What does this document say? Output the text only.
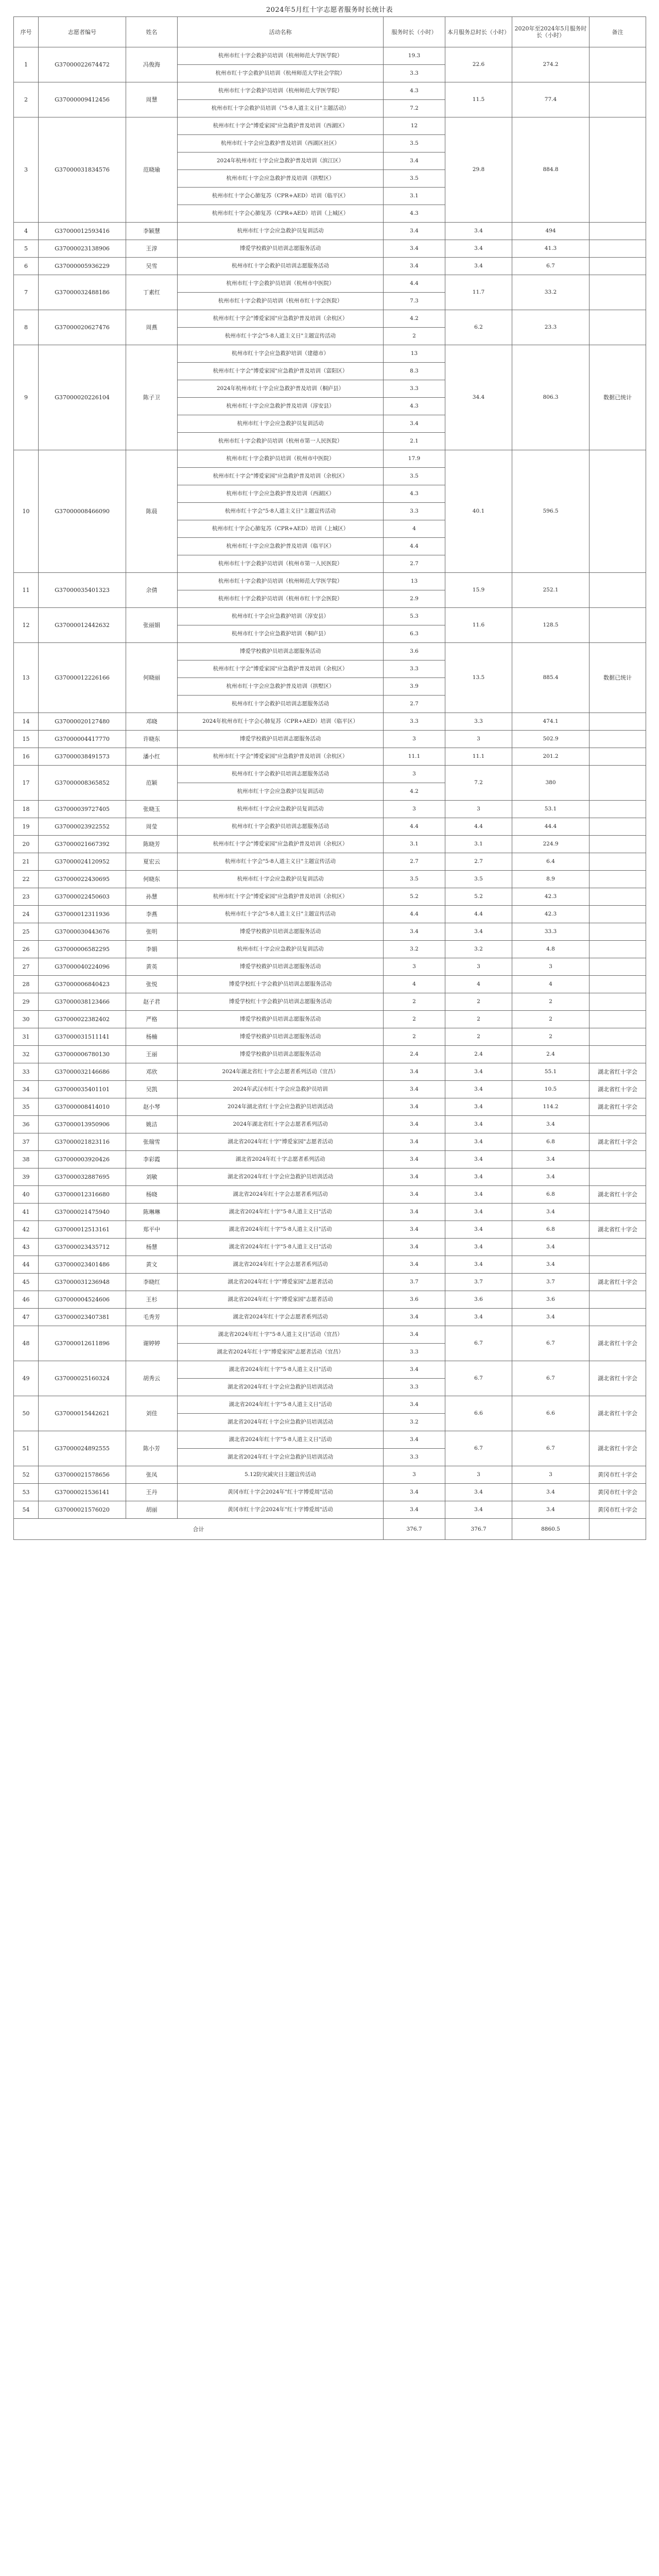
2024年5月红十字志愿者服务时长统计表
序号	志愿者编号	姓名	活动名称	服务时长（小时）	本月服务总时长（小时）	2020年至2024年5月服务时长（小时）	备注
1	G37000022674472	冯俊海	杭州市红十字会救护员培训（杭州师范大学医学院）	19.3	22.6	274.2	
			杭州市红十字会救护员培训（杭州师范大学社会学院）	3.3			
2	G37000009412456	周慧	杭州市红十字会救护员培训（杭州师范大学医学院）	4.3	11.5	77.4	
			杭州市红十字会救护员培训（"5·8人道主义日"主题活动）	7.2			
3	G37000031834576	范晓瑜	杭州市红十字会"博爱家园"应急救护普及培训（西湖区）	12	29.8	884.8	
			杭州市红十字会应急救护普及培训（西湖区社区）	3.5			
			2024年杭州市红十字会应急救护普及培训（滨江区）	3.4			
			杭州市红十字会应急救护普及培训（拱墅区）	3.5			
			杭州市红十字会心肺复苏（CPR+AED）培训（临平区）	3.1			
			杭州市红十字会心肺复苏（CPR+AED）培训（上城区）	4.3			
4	G37000012593416	李颖慧	杭州市红十字会应急救护员复训活动	3.4	3.4	494	
5	G37000023138906	王淳	博爱学校救护员培训志愿服务活动	3.4	3.4	41.3	
6	G37000005936229	吴雪	杭州市红十字会救护员培训志愿服务活动	3.4	3.4	6.7	
7	G37000032488186	丁素红	杭州市红十字会救护员培训（杭州市中医院）	4.4	11.7	33.2	
			杭州市红十字会救护员培训（杭州市红十字会医院）	7.3			
8	G37000020627476	周燕	杭州市红十字会"博爱家园"应急救护普及培训（余杭区）	4.2	6.2	23.3	
			杭州市红十字会"5·8人道主义日"主题宣传活动	2			
9	G37000020226104	陈子卫	杭州市红十字会应急救护培训（建德市）	13	34.4	806.3	数据已统计
			杭州市红十字会"博爱家园"应急救护普及培训（富阳区）	8.3			
			2024年杭州市红十字会应急救护普及培训（桐庐县）	3.3			
			杭州市红十字会应急救护普及培训（淳安县）	4.3			
			杭州市红十字会应急救护员复训活动	3.4			
			杭州市红十字会救护员培训（杭州市第一人民医院）	2.1			
10	G37000008466090	陈晨	杭州市红十字会救护员培训（杭州市中医院）	17.9	40.1	596.5	
			杭州市红十字会"博爱家园"应急救护普及培训（余杭区）	3.5			
			杭州市红十字会应急救护普及培训（西湖区）	4.3			
			杭州市红十字会"5·8人道主义日"主题宣传活动	3.3			
			杭州市红十字会心肺复苏（CPR+AED）培训（上城区）	4			
			杭州市红十字会应急救护普及培训（临平区）	4.4			
			杭州市红十字会救护员培训（杭州市第一人民医院）	2.7			
11	G37000035401323	余倩	杭州市红十字会救护员培训（杭州师范大学医学院）	13	15.9	252.1	
			杭州市红十字会救护员培训（杭州市红十字会医院）	2.9			
12	G37000012442632	张丽娟	杭州市红十字会应急救护培训（淳安县）	5.3	11.6	128.5	
			杭州市红十字会应急救护培训（桐庐县）	6.3			
13	G37000012226166	何晓丽	博爱学校救护员培训志愿服务活动	3.6	13.5	885.4	数据已统计
			杭州市红十字会"博爱家园"应急救护普及培训（余杭区）	3.3			
			杭州市红十字会应急救护普及培训（拱墅区）	3.9			
			杭州市红十字会救护员培训志愿服务活动	2.7			
14	G37000020127480	邓晓	2024年杭州市红十字会心肺复苏（CPR+AED）培训（临平区）	3.3	3.3	474.1	
15	G37000004417770	许晓东	博爱学校救护员培训志愿服务活动	3	3	502.9	
16	G37000038491573	潘小红	杭州市红十字会"博爱家园"应急救护普及培训（余杭区）	11.1	11.1	201.2	
17	G37000008365852	范颖	杭州市红十字会救护员培训志愿服务活动	3	7.2	380	
			杭州市红十字会应急救护员复训活动	4.2			
18	G37000039727405	张晓玉	杭州市红十字会应急救护员复训活动	3	3	53.1	
19	G37000023922552	周莹	杭州市红十字会救护员培训志愿服务活动	4.4	4.4	44.4	
20	G37000021667392	陈晓芳	杭州市红十字会"博爱家园"应急救护普及培训（余杭区）	3.1	3.1	224.9	
21	G37000024120952	夏宏云	杭州市红十字会"5·8人道主义日"主题宣传活动	2.7	2.7	6.4	
22	G37000022430695	何晓东	杭州市红十字会应急救护员复训活动	3.5	3.5	8.9	
23	G37000022450603	孙慧	杭州市红十字会"博爱家园"应急救护普及培训（余杭区）	5.2	5.2	42.3	
24	G37000012311936	李燕	杭州市红十字会"5·8人道主义日"主题宣传活动	4.4	4.4	42.3	
25	G37000030443676	张明	博爱学校救护员培训志愿服务活动	3.4	3.4	33.3	
26	G37000006582295	李娟	杭州市红十字会应急救护员复训活动	3.2	3.2	4.8	
27	G37000040224096	黄英	博爱学校救护员培训志愿服务活动	3	3	3	
28	G37000006840423	张悦	博爱学校红十字会救护员培训志愿服务活动	4	4	4	
29	G37000038123466	赵子君	博爱学校红十字会救护员培训志愿服务活动	2	2	2	
30	G37000022382402	严格	博爱学校救护员培训志愿服务活动	2	2	2	
31	G37000031511141	杨楠	博爱学校救护员培训志愿服务活动	2	2	2	
32	G37000006780130	王丽	博爱学校救护员培训志愿服务活动	2.4	2.4	2.4	
33	G37000032146686	邓欣	2024年湖北省红十字会志愿者系列活动（宜昌）	3.4	3.4	55.1	湖北省红十字会
34	G37000035401101	吴凯	2024年武汉市红十字会应急救护员培训	3.4	3.4	10.5	湖北省红十字会
35	G37000008414010	赵小琴	2024年湖北省红十字会应急救护员培训活动	3.4	3.4	114.2	湖北省红十字会
36	G37000013950906	姚洁	2024年湖北省红十字会志愿者系列活动	3.4	3.4	3.4	
37	G37000021823116	张瑞雪	湖北省2024年红十字"博爱家园"志愿者活动	3.4	3.4	6.8	湖北省红十字会
38	G37000003920426	李彩霞	湖北省2024年红十字志愿者系列活动	3.4	3.4	3.4	
39	G37000032887695	刘敏	湖北省2024年红十字会应急救护员培训活动	3.4	3.4	3.4	
40	G37000012316680	杨晓	湖北省2024年红十字会志愿者系列活动	3.4	3.4	6.8	湖北省红十字会
41	G37000021475940	陈琳琳	湖北省2024年红十字"5·8人道主义日"活动	3.4	3.4	3.4	
42	G37000012513161	郑平中	湖北省2024年红十字"5·8人道主义日"活动	3.4	3.4	6.8	湖北省红十字会
43	G37000023435712	杨慧	湖北省2024年红十字"5·8人道主义日"活动	3.4	3.4	3.4	
44	G37000023401486	黄文	湖北省2024年红十字会志愿者系列活动	3.4	3.4	3.4	
45	G37000031236948	李晓红	湖北省2024年红十字"博爱家园"志愿者活动	3.7	3.7	3.7	湖北省红十字会
46	G37000004524606	王杉	湖北省2024年红十字"博爱家园"志愿者活动	3.6	3.6	3.6	
47	G37000023407381	毛秀芳	湖北省2024年红十字会志愿者系列活动	3.4	3.4	3.4	
48	G37000012611896	谢婷婷	湖北省2024年红十字"5·8人道主义日"活动（宜昌）	3.4	6.7	6.7	湖北省红十字会
			湖北省2024年红十字"博爱家园"志愿者活动（宜昌）	3.3			
49	G37000025160324	胡秀云	湖北省2024年红十字"5·8人道主义日"活动	3.4	6.7	6.7	湖北省红十字会
			湖北省2024年红十字会应急救护员培训活动	3.3			
50	G37000015442621	刘佳	湖北省2024年红十字"5·8人道主义日"活动	3.4	6.6	6.6	湖北省红十字会
			湖北省2024年红十字会应急救护员培训活动	3.2			
51	G37000024892555	陈小芳	湖北省2024年红十字"5·8人道主义日"活动	3.4	6.7	6.7	湖北省红十字会
			湖北省2024年红十字会应急救护员培训活动	3.3			
52	G37000021578656	张凤	5.12防灾减灾日主题宣传活动	3	3	3	黄冈市红十字会
53	G37000021536141	王丹	黄冈市红十字会2024年"红十字博爱周"活动	3.4	3.4	3.4	黄冈市红十字会
54	G37000021576020	胡丽	黄冈市红十字会2024年"红十字博爱周"活动	3.4	3.4	3.4	黄冈市红十字会
合计				376.7	376.7	8860.5	
